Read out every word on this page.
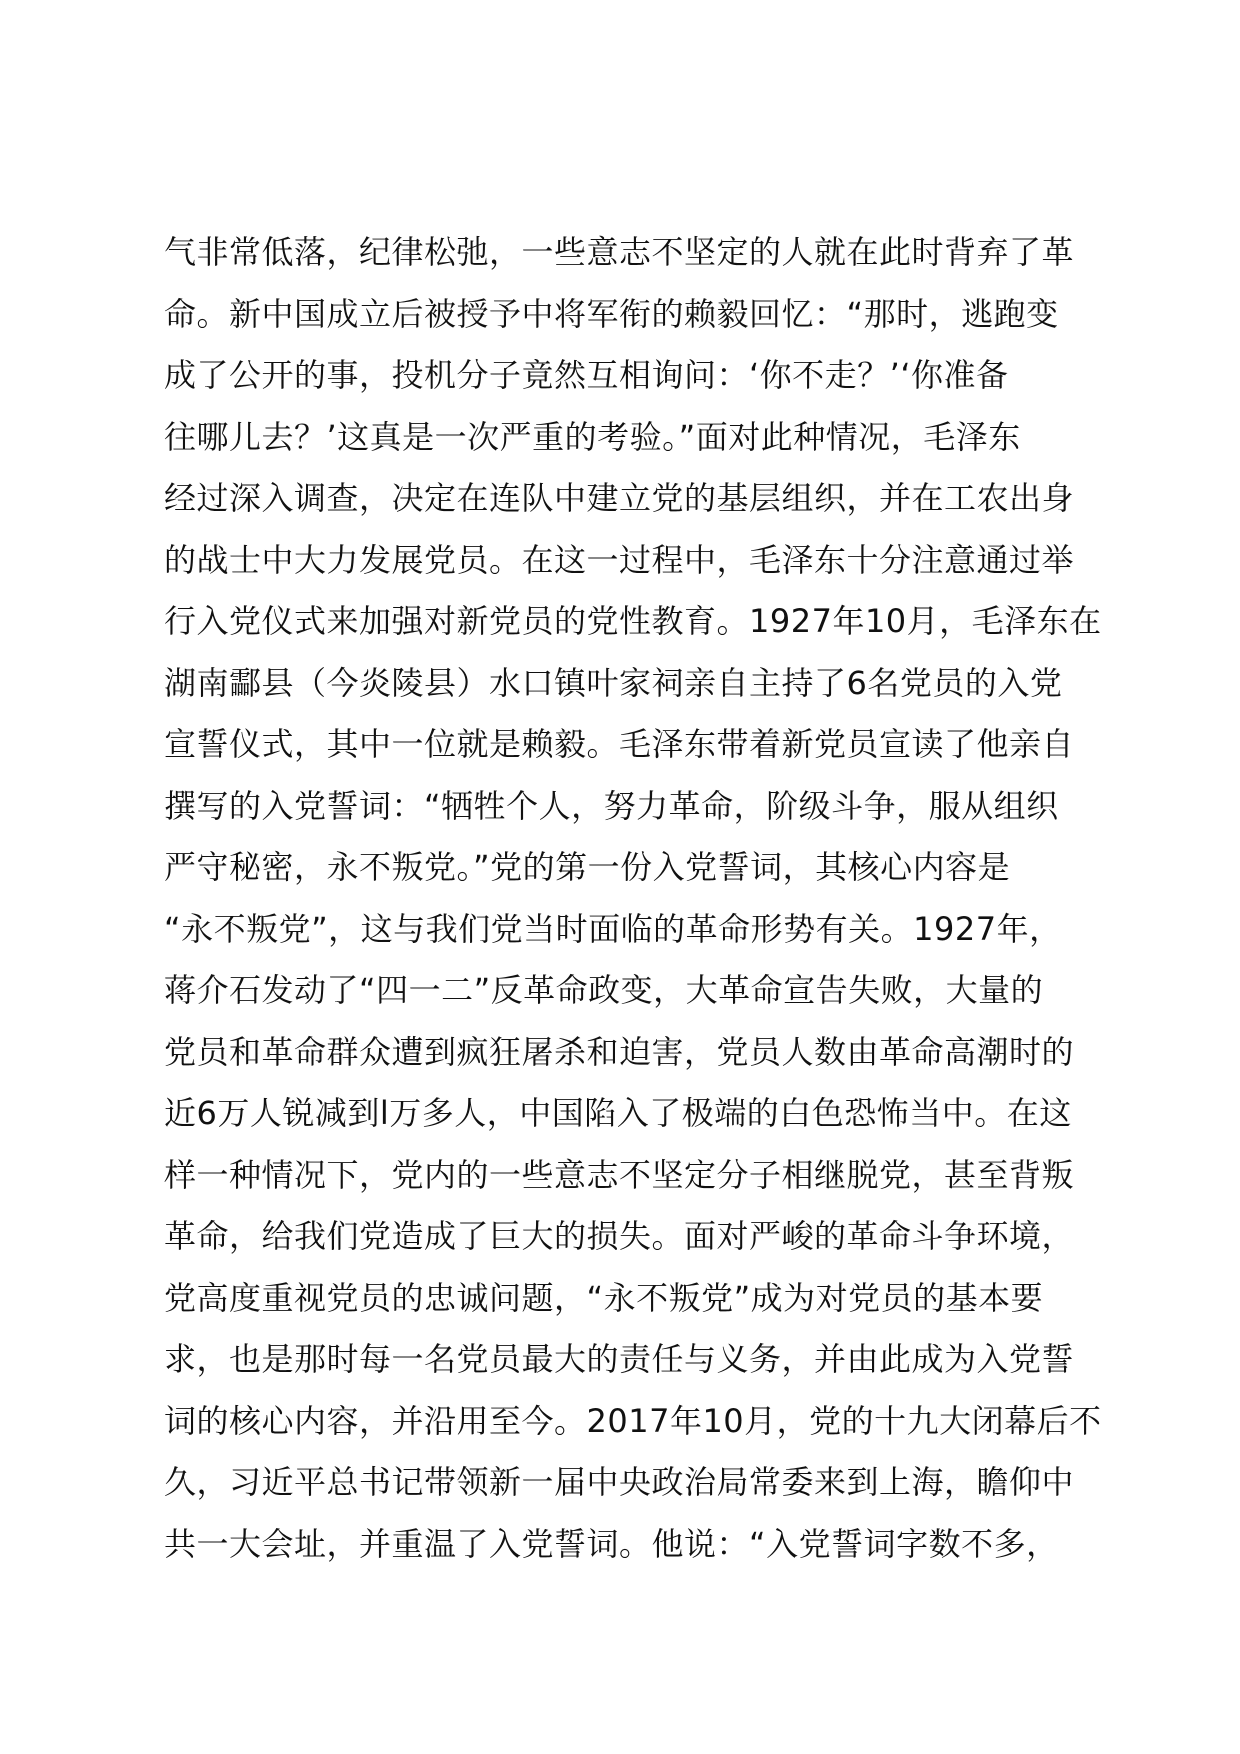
气非常低落，纪律松弛，一些意志不坚定的人就在此时背弃了革
命。新中国成立后被授予中将军衔的赖毅回忆：“那时，逃跑变
成了公开的事，投机分子竟然互相询问：‘你不走？’‘你准备
往哪儿去？’这真是一次严重的考验。”面对此种情况，毛泽东
经过深入调查，决定在连队中建立党的基层组织，并在工农出身
的战士中大力发展党员。在这一过程中，毛泽东十分注意通过举
行入党仪式来加强对新党员的党性教育。1927年10月，毛泽东在
湖南酃县（今炎陵县）水口镇叶家祠亲自主持了6名党员的入党
宣誓仪式，其中一位就是赖毅。毛泽东带着新党员宣读了他亲自
撰写的入党誓词：“牺牲个人，努力革命，阶级斗争，服从组织
严守秘密，永不叛党。”党的第一份入党誓词，其核心内容是
“永不叛党”，这与我们党当时面临的革命形势有关。1927年，
蒋介石发动了“四一二”反革命政变，大革命宣告失败，大量的
党员和革命群众遭到疯狂屠杀和迫害，党员人数由革命高潮时的
近6万人锐减到l万多人，中国陷入了极端的白色恐怖当中。在这
样一种情况下，党内的一些意志不坚定分子相继脱党，甚至背叛
革命，给我们党造成了巨大的损失。面对严峻的革命斗争环境，
党高度重视党员的忠诚问题，“永不叛党”成为对党员的基本要
求，也是那时每一名党员最大的责任与义务，并由此成为入党誓
词的核心内容，并沿用至今。2017年10月，党的十九大闭幕后不
久，习近平总书记带领新一届中央政治局常委来到上海，瞻仰中
共一大会址，并重温了入党誓词。他说：“入党誓词字数不多，
